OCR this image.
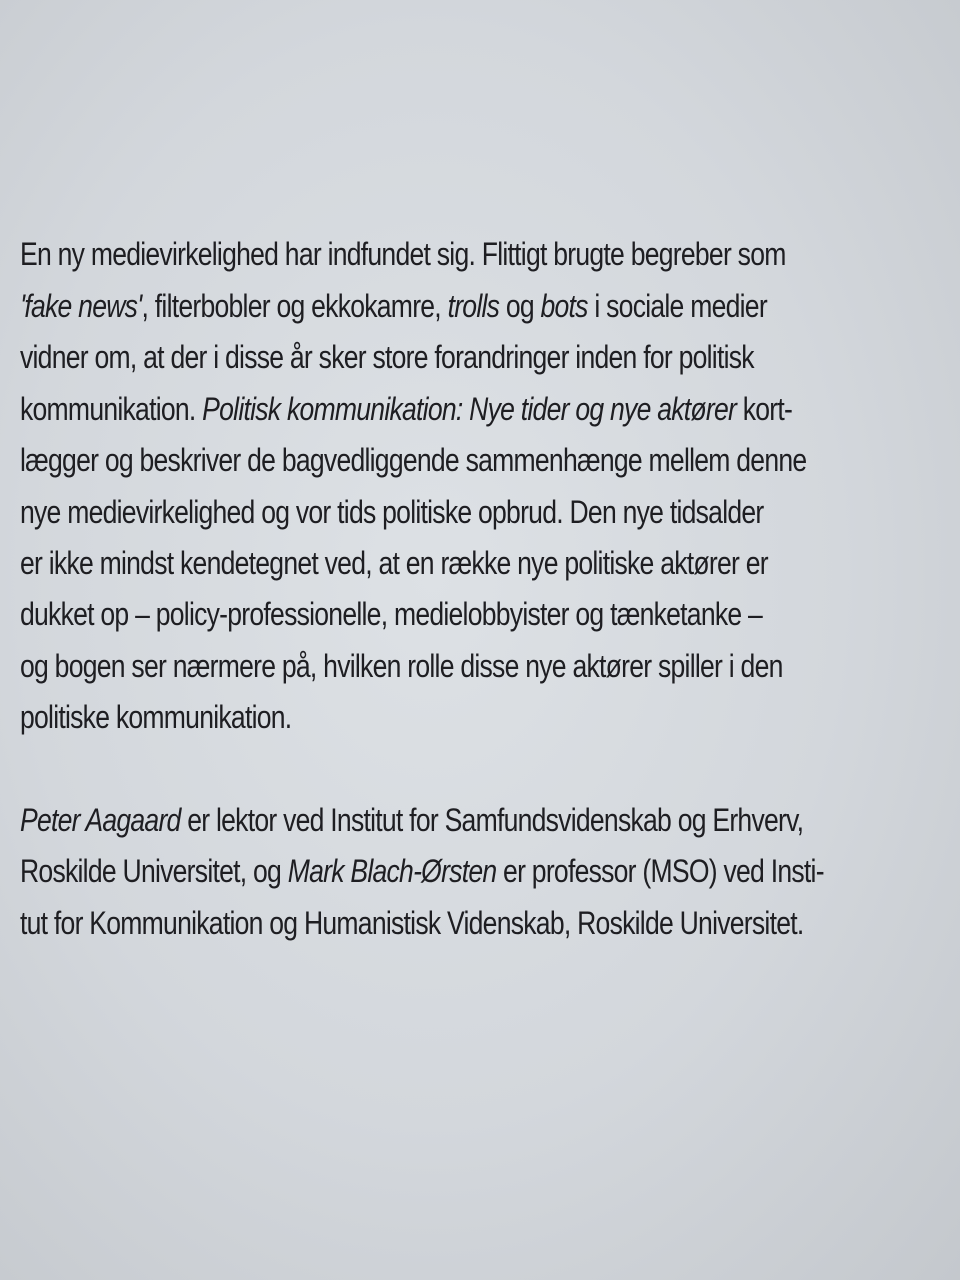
En ny medievirkelighed har indfundet sig. Flittigt brugte begreber som
'fake news', filterbobler og ekkokamre, trolls og bots i sociale medier
vidner om, at der i disse år sker store forandringer inden for politisk
kommunikation. Politisk kommunikation: Nye tider og nye aktører kort-
lægger og beskriver de bagvedliggende sammenhænge mellem denne
nye medievirkelighed og vor tids politiske opbrud. Den nye tidsalder
er ikke mindst kendetegnet ved, at en række nye politiske aktører er
dukket op – policy-professionelle, medielobbyister og tænketanke –
og bogen ser nærmere på, hvilken rolle disse nye aktører spiller i den
politiske kommunikation.
Peter Aagaard er lektor ved Institut for Samfundsvidenskab og Erhverv,
Roskilde Universitet, og Mark Blach-Ørsten er professor (MSO) ved Insti-
tut for Kommunikation og Humanistisk Videnskab, Roskilde Universitet.
